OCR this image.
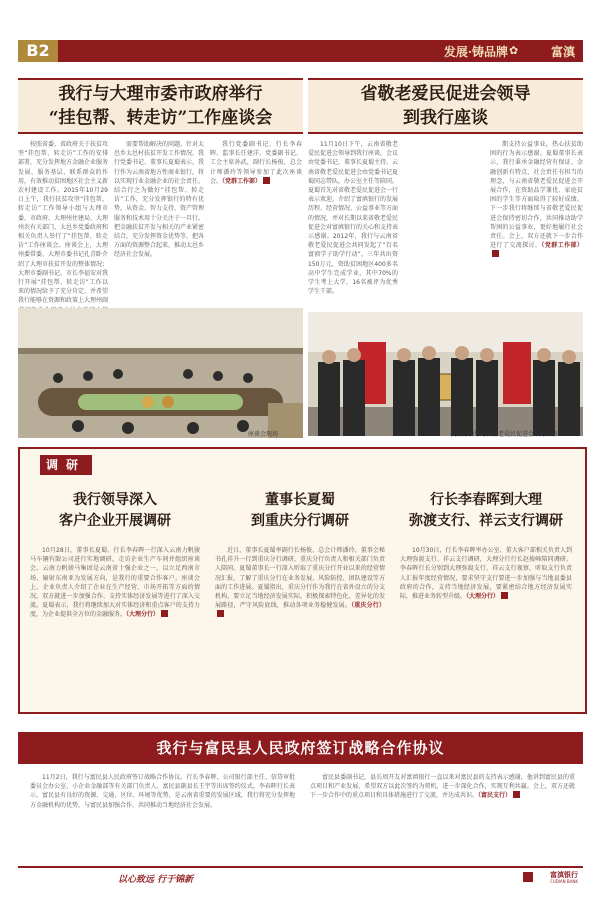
B2	✿
发展·铸品牌	富滇
我行与大理市委市政府举行
“挂包帮、转走访”工作座谈会

按照省委、省政府关于扶贫攻坚“挂包帮、转走访”工作的安排部署，充分发挥地方金融企业服务发展、服务基层、联系群众的作用，有效推动贫困地区社会主义新农村建设工作。2015年10月29日上午，我行扶贫攻坚“挂包帮、转走访”工作领导小组与大理市委、市政府、大理州住建局、大理州农有关部门、太邑乡党委政府和相关负责人举行了“挂包帮、转走访”工作座谈会。座谈会上，大理州委常委、大理市委书记孔青卧介绍了大理市扶贫开发的整体情况；大理市委副书记、市长李福安对我行开展“挂包帮、转走访”工作以来的情况给予了充分肯定，并希望我行能够在资源和政策上大理州副

需要帮助解决的问题。针对太邑乡太邑村扶贫开发工作情况，我行党委书记、董事长夏蜀表示，我行作为云南省地方性商业银行，将以实现行业金融企业的社会责任。结合行之为做好“挂包帮、转走访”工作，充分发挥银行的特有优势，从资金、智力支持、资产管理服务和技术用十分关注于一旦行。把金融扶贫开发与相关的产业紧密结合，充分发挥资金优势等，把各方面的资源整合起来，推动太邑乡经济社会发展。

我行党委副书记、行长李春晖，监事长任建洋，党委副书记、工会主席孙武，副行长杨俊，总会计师潘玲等领导参加了此次座谈会。（党群工作部）

座谈会现场
省敬老爱民促进会领导
到我行座谈

11月10日下午，云南省敬老爱民促进会领导到我行座谈，会议由党委书记、董事长夏蜀主持。云南省敬老爱民促进会由党委书记夏蜀同志带队，办公室主任等陪同。夏蜀首先对省敬老爱民促进会一行表示欢迎，介绍了富滇银行的发展历程、经营情况、公益事业等方面的情况，并对长期以来省敬老爱民促进会对富滇银行的关心和支持表示感谢。2012年，我行与云南省敬老爱民促进会共同发起了“百名富滇学子助学行动”，三年共出资150万元，资助贫困地区400多名高中学生完成学业，其中70%的学生考上大学，16名被评为优秀学生干部。

期支持公益事业，热心扶贫助困的行为表示感谢。夏蜀董事长表示，我行秉承金融经营有保证、金融创新有特点、社会责任有担当的理念，与云南省敬老爱民促进会开展合作，在资助品学兼优、家庭贫困的学生等方面取得了较好成绩。下一步我行将继续与省敬老爱民促进会保持密切合作，共同推动助学帮困的公益事业，更好地履行社会责任。会上，双方还就下一步合作进行了交流探讨。（党群工作部）

我行行领导与省敬老爱民促进会领导合影
调研
我行领导深入
客户企业开展调研

10月28日，董事长夏蜀、行长李春晖一行深入云南力帆骏马车辆有限公司进行实地调研，走访企业生产车间并组织座谈会。云南力帆骏马集团是云南省十强企业之一，以立足西南市场、辐射东南亚为发展方向，是我行的重要合作客户。座谈会上，企业负责人介绍了企业在生产经营、市场开拓等方面的情况，双方就进一步加强合作、支持实体经济发展等进行了深入交流。夏蜀表示，我行将继续加大对实体经济和重点客户的支持力度，为企业提供全方位的金融服务。（大理分行）

董事长夏蜀
到重庆分行调研

近日，董事长夏蜀率副行长杨俊、总会计师潘玲、董事会秘书孔祥升一行到重庆分行调研，重庆分行负责人和相关部门负责人陪同。夏蜀董事长一行深入听取了重庆分行开业以来的经营情况汇报，了解了重庆分行在业务发展、风险防控、团队建设等方面的工作进展。夏蜀指出，重庆分行作为我行在省外设立的分支机构，要立足当地经济发展实际，积极探索特色化、差异化的发展路径，严守风险底线，推动各项业务稳健发展。（重庆分行）

行长李春晖到大理
弥渡支行、祥云支行调研

10月30日，行长李春晖率办公室、董大客户部相关负责人到大理弥渡支行、祥云支行调研，大理分行行长赵俊峰陪同调研。李春晖行长分别到大理弥渡支行、祥云支行视察，听取支行负责人汇报年度经营情况，要求坚守支行要进一步加强与当地县委县政府的合作，支持当地经济发展，要紧密结合地方经济发展实际，推进业务转型升级。（大理分行）

我行与富民县人民政府签订战略合作协议

11月2日，我行与富民县人民政府签订战略合作协议。行长李春晖、公司银行部主任、信贷审批委员会办公室、小企业金融部等有关部门负责人、富民县副县长王宇等出席签约仪式。李春晖行长表示，富民县有良好的资源、交通、区位、环境等优势，是云南省重要的发展区域，我行将充分发挥地方金融机构的优势，与富民县加强合作，共同推动当地经济社会发展。

富民县委副书记、县长周开友对富滇银行一直以来对富民县的支持表示感谢，他讲到富民县的重点项目和产业发展，希望双方以此次签约为契机，进一步深化合作，实现互利共赢。会上，双方还就下一步合作中的重点项目和具体措施进行了交流，并达成共识。（富民支行）

以心致远 行于锦新	富滇银行
FUDIAN BANK
